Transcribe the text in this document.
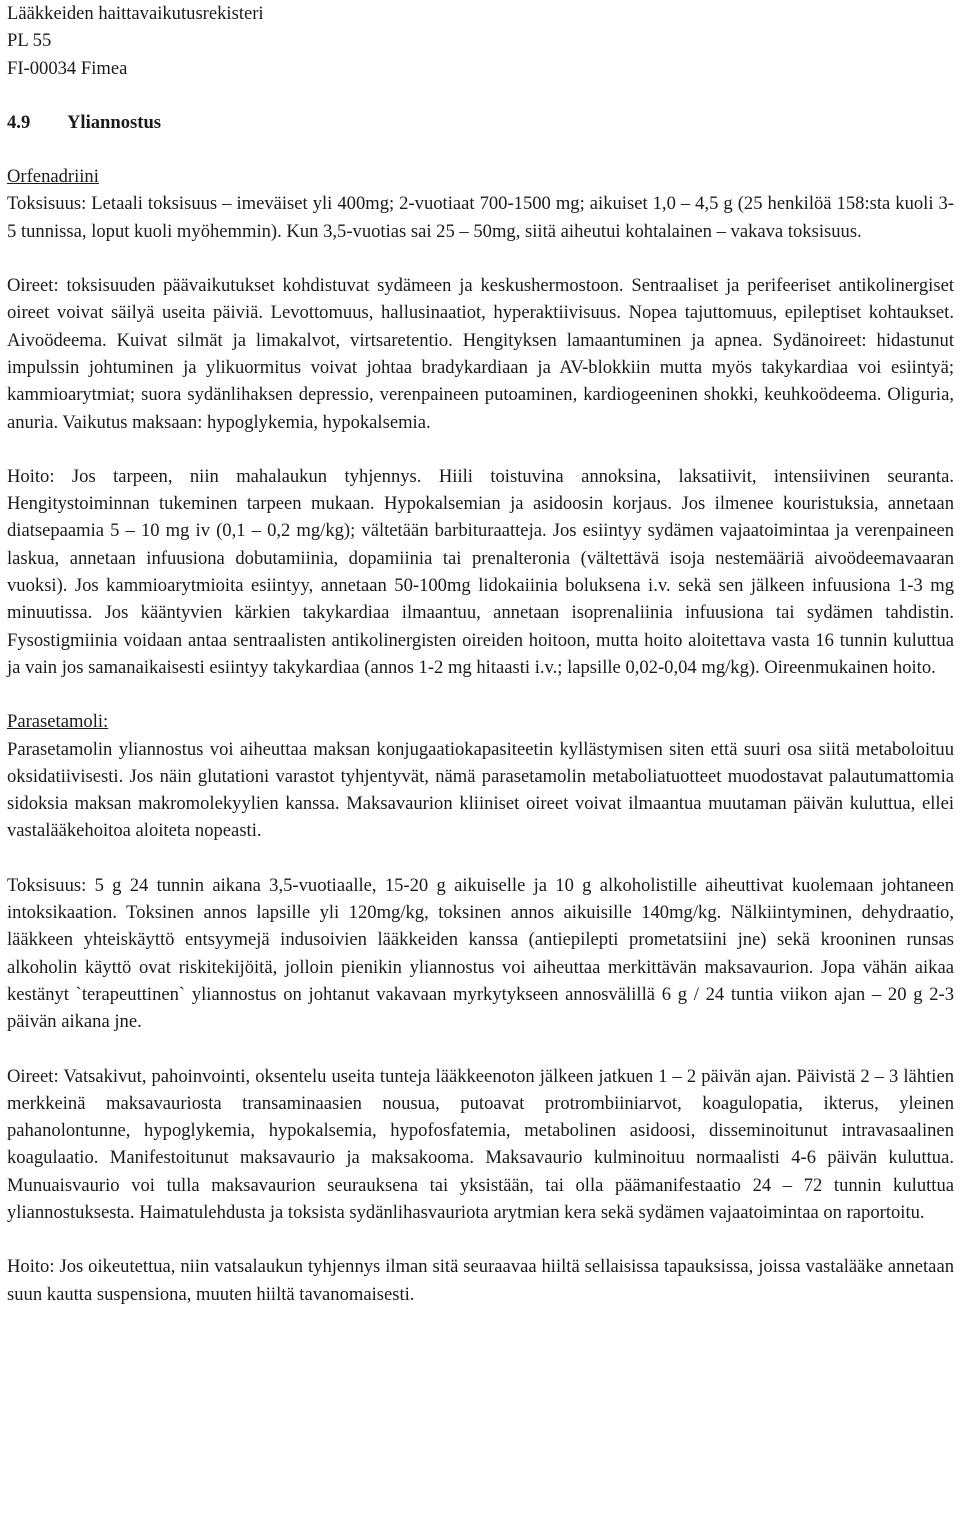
Lääkkeiden haittavaikutusrekisteri
PL 55
FI-00034 Fimea
4.9 Yliannostus
Orfenadriini

Toksisuus: Letaali toksisuus – imeväiset yli 400mg; 2-vuotiaat 700-1500 mg; aikuiset 1,0 – 4,5 g (25 henkilöä 158:sta kuoli 3-5 tunnissa, loput kuoli myöhemmin). Kun 3,5-vuotias sai 25 – 50mg, siitä aiheutui kohtalainen – vakava toksisuus.

Oireet: toksisuuden päävaikutukset kohdistuvat sydämeen ja keskushermostoon. Sentraaliset ja perifeeriset antikolinergiset oireet voivat säilyä useita päiviä. Levottomuus, hallusinaatiot, hyperaktiivisuus. Nopea tajuttomuus, epileptiset kohtaukset. Aivoödeema. Kuivat silmät ja limakalvot, virtsaretentio. Hengityksen lamaantuminen ja apnea. Sydänoireet: hidastunut impulssin johtuminen ja ylikuormitus voivat johtaa bradykardiaan ja AV-blokkiin mutta myös takykardiaa voi esiintyä; kammioarytmiat; suora sydänlihaksen depressio, verenpaineen putoaminen, kardiogeeninen shokki, keuhkoödeema. Oliguria, anuria. Vaikutus maksaan: hypoglykemia, hypokalsemia.

Hoito: Jos tarpeen, niin mahalaukun tyhjennys. Hiili toistuvina annoksina, laksatiivit, intensiivinen seuranta. Hengitystoiminnan tukeminen tarpeen mukaan. Hypokalsemian ja asidoosin korjaus. Jos ilmenee kouristuksia, annetaan diatsepaamia 5 – 10 mg iv (0,1 – 0,2 mg/kg); vältetään barbituraatteja. Jos esiintyy sydämen vajaatoimintaa ja verenpaineen laskua, annetaan infuusiona dobutamiinia, dopamiinia tai prenalteronia (vältettävä isoja nestemääriä aivoödeemavaaran vuoksi). Jos kammioarytmioita esiintyy, annetaan 50-100mg lidokaiinia boluksena i.v. sekä sen jälkeen infuusiona 1-3 mg minuutissa. Jos kääntyvien kärkien takykardiaa ilmaantuu, annetaan isoprenaliinia infuusiona tai sydämen tahdistin. Fysostigmiinia voidaan antaa sentraalisten antikolinergisten oireiden hoitoon, mutta hoito aloitettava vasta 16 tunnin kuluttua ja vain jos samanaikaisesti esiintyy takykardiaa (annos 1-2 mg hitaasti i.v.; lapsille 0,02-0,04 mg/kg). Oireenmukainen hoito.

Parasetamoli:

Parasetamolin yliannostus voi aiheuttaa maksan konjugaatiokapasiteetin kyllästymisen siten että suuri osa siitä metaboloituu oksidatiivisesti. Jos näin glutationi varastot tyhjentyvät, nämä parasetamolin metaboliatuotteet muodostavat palautumattomia sidoksia maksan makromolekyylien kanssa. Maksavaurion kliiniset oireet voivat ilmaantua muutaman päivän kuluttua, ellei vastalääkehoitoa aloiteta nopeasti.

Toksisuus: 5 g 24 tunnin aikana 3,5-vuotiaalle, 15-20 g aikuiselle ja 10 g alkoholistille aiheuttivat kuolemaan johtaneen intoksikaation. Toksinen annos lapsille yli 120mg/kg, toksinen annos aikuisille 140mg/kg. Nälkiintyminen, dehydraatio, lääkkeen yhteiskäyttö entsyymejä indusoivien lääkkeiden kanssa (antiepilepti prometatsiini jne) sekä krooninen runsas alkoholin käyttö ovat riskitekijöitä, jolloin pienikin yliannostus voi aiheuttaa merkittävän maksavaurion. Jopa vähän aikaa kestänyt `terapeuttinen` yliannostus on johtanut vakavaan myrkytykseen annosvälillä 6 g / 24 tuntia viikon ajan – 20 g 2-3 päivän aikana jne.

Oireet: Vatsakivut, pahoinvointi, oksentelu useita tunteja lääkkeenoton jälkeen jatkuen 1 – 2 päivän ajan. Päivistä 2 – 3 lähtien merkkeinä maksavauriosta transaminaasien nousua, putoavat protrombiiniarvot, koagulopatia, ikterus, yleinen pahanolontunne, hypoglykemia, hypokalsemia, hypofosfatemia, metabolinen asidoosi, disseminoitunut intravasaalinen koagulaatio. Manifestoitunut maksavaurio ja maksakooma. Maksavaurio kulminoituu normaalisti 4-6 päivän kuluttua. Munuaisvaurio voi tulla maksavaurion seurauksena tai yksistään, tai olla päämanifestaatio 24 – 72 tunnin kuluttua yliannostuksesta. Haimatulehdusta ja toksista sydänlihasvauriota arytmian kera sekä sydämen vajaatoimintaa on raportoitu.

Hoito: Jos oikeutettua, niin vatsalaukun tyhjennys ilman sitä seuraavaa hiiltä sellaisissa tapauksissa, joissa vastalääke annetaan suun kautta suspensiona, muuten hiiltä tavanomaisesti.
